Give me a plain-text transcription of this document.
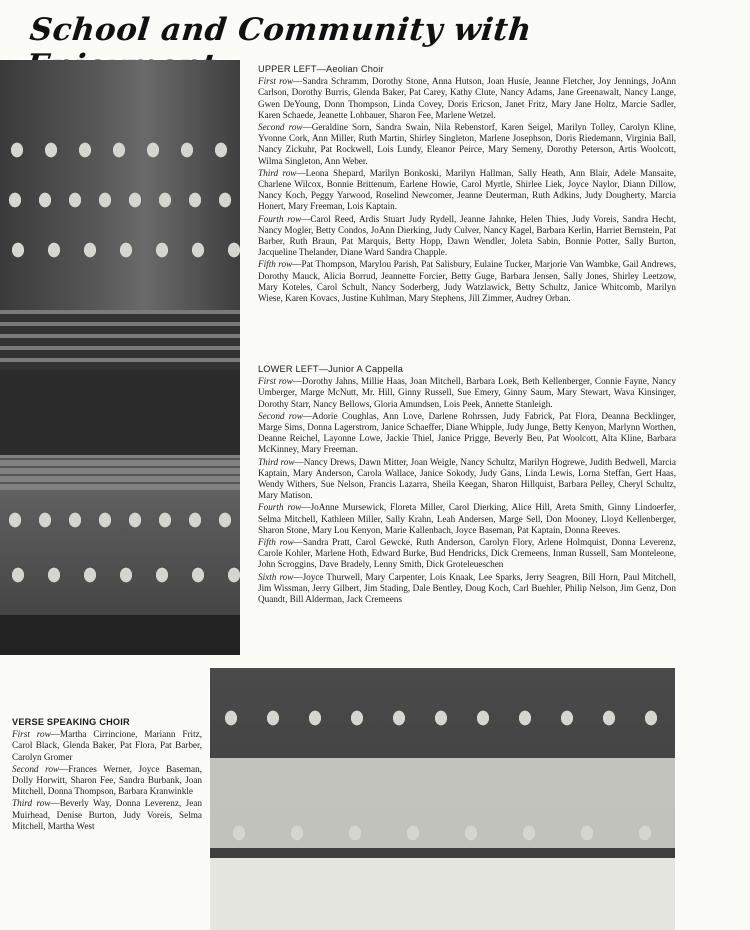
School and Community with
UPPER LEFT—Aeolian Choir

First row—Sandra Schramm, Dorothy Stone, Anna Hutson, Joan Husíe, Jeanne Fletcher, Joy Jennings, JoAnn Carlson, Dorothy Burris, Glenda Baker, Pat Carey, Kathy Clute, Nancy Adams, Jane Greenawalt, Nancy Lange, Gwen DeYoung, Donn Thompson, Linda Covey, Doris Ericson, Janet Fritz, Mary Jane Holtz, Marcie Sadler, Karen Schaede, Jeanette Lohbauer, Sharon Fee, Marlene Wetzel.

Second row—Geraldine Sorn, Sandra Swain, Nila Rebenstorf, Karen Seigel, Marilyn Tolley, Carolyn Kline, Yvonne Cork, Ann Miller, Ruth Martin, Shirley Singleton, Marlene Josephson, Doris Riedemann, Virginia Ball, Nancy Zickuhr, Pat Rockwell, Lois Lundy, Eleanor Peirce, Mary Semeny, Dorothy Peterson, Artis Woolcott, Wilma Singleton, Ann Weber.

Third row—Leona Shepard, Marilyn Bonkoski, Marilyn Hallman, Sally Heath, Ann Blair, Adele Mansaite, Charlene Wilcox, Bonnie Brittenum, Earlene Howie, Carol Myrtle, Shirlee Liek, Joyce Naylor, Diann Dillow, Nancy Koch, Peggy Yarwood, Roselind Newcomer, Jeanne Deuterman, Ruth Adkins, Judy Dougherty, Marcia Honert, Mary Freeman, Lois Kaptain.

Fourth row—Carol Reed, Ardis Stuart Judy Rydell, Jeanne Jahnke, Helen Thies, Judy Voreis, Sandra Hecht, Nancy Mogler, Betty Condos, JoAnn Dierking, Judy Culver, Nancy Kagel, Barbara Kerlin, Harriet Bernstein, Pat Barber, Ruth Braun, Pat Marquis, Betty Hopp, Dawn Wendler, Joleta Sabin, Bonnie Potter, Sally Burton, Jacqueline Thelander, Diane Ward Sandra Chapple.

Fifth row—Pat Thompson, Marylou Parish, Pat Salisbury, Eulaine Tucker, Marjorie Van Wambke, Gail Andrews, Dorothy Mauck, Alicia Borrud, Jeannette Forcier, Betty Guge, Barbara Jensen, Sally Jones, Shirley Leetzow, Mary Koteles, Carol Schult, Nancy Soderberg, Judy Watzlawick, Betty Schultz, Janice Whitcomb, Marilyn Wiese, Karen Kovacs, Justine Kuhlman, Mary Stephens, Jill Zimmer, Audrey Orban.

LOWER LEFT—Junior A Cappella

First row—Dorothy Jahns, Millie Haas, Joan Mitchell, Barbara Loek, Beth Kellenberger, Connie Fayne, Nancy Umberger, Marge McNutt, Mr. Hill, Ginny Russell, Sue Emery, Ginny Saum, Mary Stewart, Wava Kinsinger, Dorothy Starr, Nancy Bellows, Gloria Amundsen, Lois Peek, Annette Stanleigh.

Second row—Adorie Coughlas, Ann Love, Darlene Rohrssen, Judy Fabrick, Pat Flora, Deanna Becklinger, Marge Sims, Donna Lagerstrom, Janice Schaeffer, Diane Whipple, Judy Junge, Betty Kenyon, Marlynn Worthen, Deanne Reichel, Layonne Lowe, Jackie Thiel, Janice Prigge, Beverly Beu, Pat Woolcott, Alta Kline, Barbara McKinney, Mary Freeman.

Third row—Nancy Drews, Dawn Mitter, Joan Weigle, Nancy Schultz, Marilyn Hogrewe, Judith Bedwell, Marcia Kaptain, Mary Anderson, Carola Wallace, Janice Sokody, Judy Gans, Linda Lewis, Lorna Steffan, Gert Haas, Wendy Withers, Sue Nelson, Francis Lazarra, Sheila Keegan, Sharon Hillquist, Barbara Pelley, Cheryl Schultz, Mary Matison.

Fourth row—JoAnne Mursewick, Floreta Miller, Carol Dierking, Alice Hill, Areta Smith, Ginny Lindoerfer, Selma Mitchell, Kathleen Miller, Sally Krahn, Leah Andersen, Marge Sell, Don Mooney, Lloyd Kellenberger, Sharon Stone, Mary Lou Kenyon, Marie Kallenbach, Joyce Baseman, Pat Kaptain, Donna Reeves.

Fifth row—Sandra Pratt, Carol Gewcke, Ruth Anderson, Carolyn Flory, Arlene Holmquist, Donna Leverenz, Carole Kohler, Marlene Hoth, Edward Burke, Bud Hendricks, Dick Cremeens, Inman Russell, Sam Monteleone, John Scroggins, Dave Bradely, Lenny Smith, Dick Groteleueschen

Sixth row—Joyce Thurwell, Mary Carpenter, Lois Knaak, Lee Sparks, Jerry Seagren, Bill Horn, Paul Mitchell, Jim Wissman, Jerry Gilbert, Jim Stading, Dale Bentley, Doug Koch, Carl Buehler, Philip Nelson, Jim Genz, Don Quandt, Bill Alderman, Jack Cremeens

VERSE SPEAKING CHOIR

First row—Martha Cirrincione, Mariann Fritz, Carol Black, Glenda Baker, Pat Flora, Pat Barber, Carolyn Gromer

Second row—Frances Werner, Joyce Baseman, Dolly Horwitt, Sharon Fee, Sandra Burbank, Joan Mitchell, Donna Thompson, Barbara Kranwinkle

Third row—Beverly Way, Donna Leverenz, Jean Muirhead, Denise Burton, Judy Voreis, Selma Mitchell, Martha West
